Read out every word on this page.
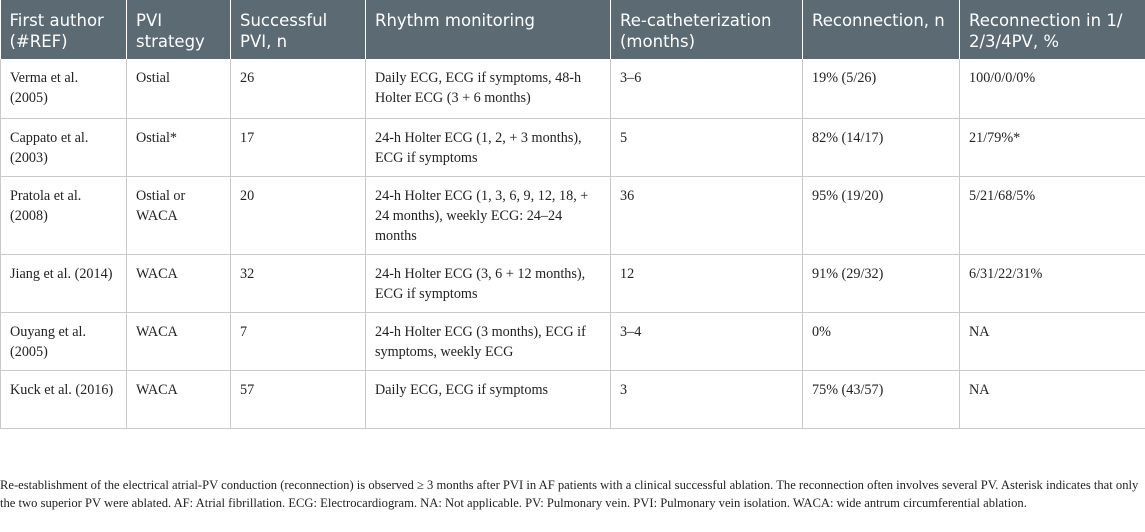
First author (#REF)	PVI strategy	Successful PVI, n	Rhythm monitoring	Re-catheterization (months)	Reconnection, n	Reconnection in 1/ 2/3/4PV, %
Verma et al. (2005)	Ostial	26	Daily ECG, ECG if symptoms, 48-h Holter ECG (3 + 6 months)	3–6	19% (5/26)	100/0/0/0%
Cappato et al. (2003)	Ostial*	17	24-h Holter ECG (1, 2, + 3 months), ECG if symptoms	5	82% (14/17)	21/79%*
Pratola et al. (2008)	Ostial or WACA	20	24-h Holter ECG (1, 3, 6, 9, 12, 18, + 24 months), weekly ECG: 24–24 months	36	95% (19/20)	5/21/68/5%
Jiang et al. (2014)	WACA	32	24-h Holter ECG (3, 6 + 12 months), ECG if symptoms	12	91% (29/32)	6/31/22/31%
Ouyang et al. (2005)	WACA	7	24-h Holter ECG (3 months), ECG if symptoms, weekly ECG	3–4	0%	NA
Kuck et al. (2016)	WACA	57	Daily ECG, ECG if symptoms	3	75% (43/57)	NA
Re-establishment of the electrical atrial-PV conduction (reconnection) is observed ≥ 3 months after PVI in AF patients with a clinical successful ablation. The reconnection often involves several PV. Asterisk indicates that only the two superior PV were ablated. AF: Atrial fibrillation. ECG: Electrocardiogram. NA: Not applicable. PV: Pulmonary vein. PVI: Pulmonary vein isolation. WACA: wide antrum circumferential ablation.
